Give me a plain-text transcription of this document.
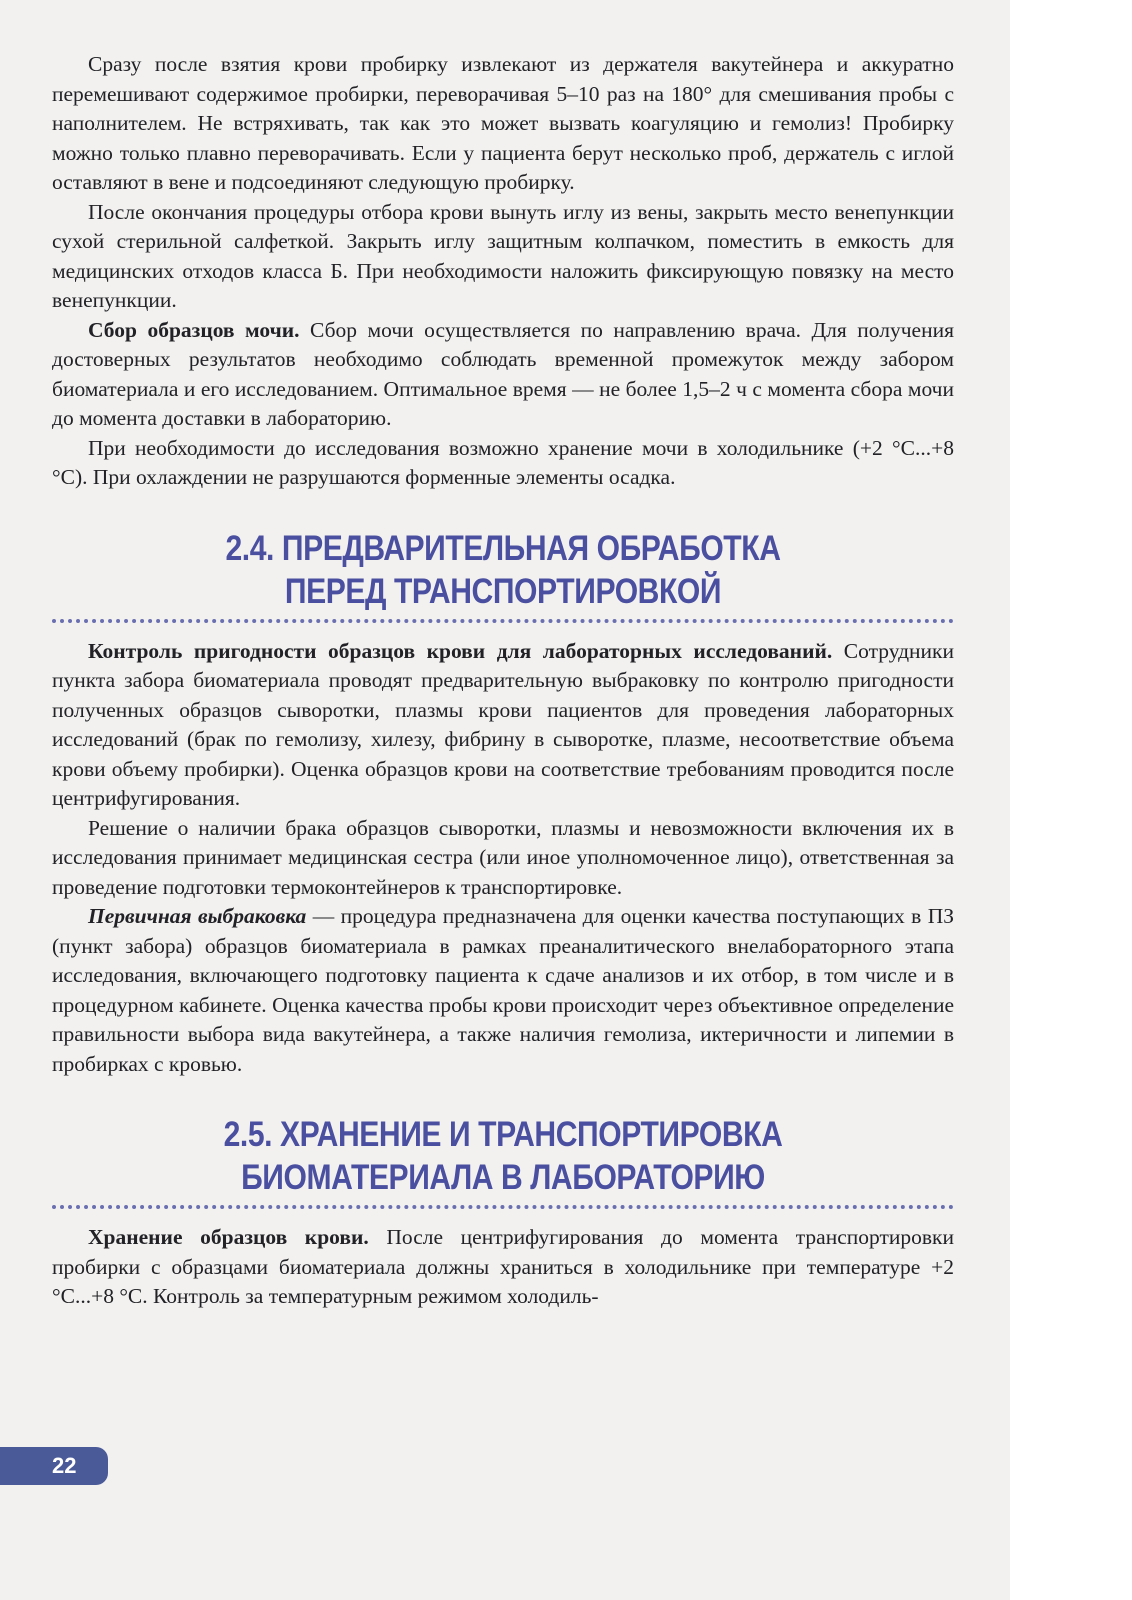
Сразу после взятия крови пробирку извлекают из держателя вакутейнера и аккуратно перемешивают содержимое пробирки, переворачивая 5–10 раз на 180° для смешивания пробы с наполнителем. Не встряхивать, так как это может вызвать коагуляцию и гемолиз! Пробирку можно только плавно переворачивать. Если у пациента берут несколько проб, держатель с иглой оставляют в вене и подсоединяют следующую пробирку.

После окончания процедуры отбора крови вынуть иглу из вены, закрыть место венепункции сухой стерильной салфеткой. Закрыть иглу защитным колпачком, поместить в емкость для медицинских отходов класса Б. При необходимости наложить фиксирующую повязку на место венепункции.

Сбор образцов мочи. Сбор мочи осуществляется по направлению врача. Для получения достоверных результатов необходимо соблюдать временной промежуток между забором биоматериала и его исследованием. Оптимальное время — не более 1,5–2 ч с момента сбора мочи до момента доставки в лабораторию.

При необходимости до исследования возможно хранение мочи в холодильнике (+2 °С...+8 °С). При охлаждении не разрушаются форменные элементы осадка.

2.4. ПРЕДВАРИТЕЛЬНАЯ ОБРАБОТКА
ПЕРЕД ТРАНСПОРТИРОВКОЙ

Контроль пригодности образцов крови для лабораторных исследований. Сотрудники пункта забора биоматериала проводят предварительную выбраковку по контролю пригодности полученных образцов сыворотки, плазмы крови пациентов для проведения лабораторных исследований (брак по гемолизу, хилезу, фибрину в сыворотке, плазме, несоответствие объема крови объему пробирки). Оценка образцов крови на соответствие требованиям проводится после центрифугирования.

Решение о наличии брака образцов сыворотки, плазмы и невозможности включения их в исследования принимает медицинская сестра (или иное уполномоченное лицо), ответственная за проведение подготовки термоконтейнеров к транспортировке.

Первичная выбраковка — процедура предназначена для оценки качества поступающих в ПЗ (пункт забора) образцов биоматериала в рамках преаналитического внелабораторного этапа исследования, включающего подготовку пациента к сдаче анализов и их отбор, в том числе и в процедурном кабинете. Оценка качества пробы крови происходит через объективное определение правильности выбора вида вакутейнера, а также наличия гемолиза, иктеричности и липемии в пробирках с кровью.

2.5. ХРАНЕНИЕ И ТРАНСПОРТИРОВКА
БИОМАТЕРИАЛА В ЛАБОРАТОРИЮ

Хранение образцов крови. После центрифугирования до момента транспортировки пробирки с образцами биоматериала должны храниться в холодильнике при температуре +2 °С...+8 °С. Контроль за температурным режимом холодиль-

22
